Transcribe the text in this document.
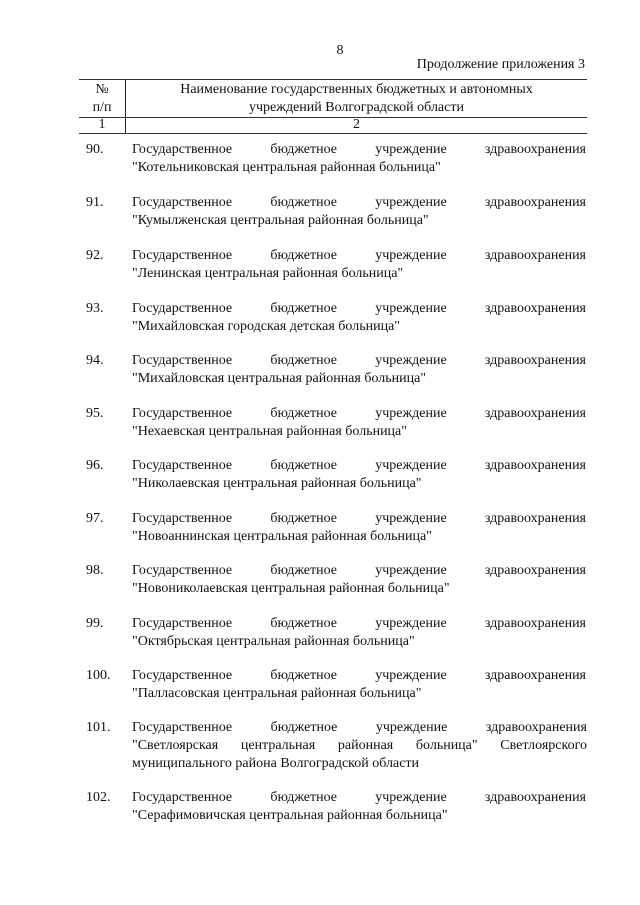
8
Продолжение приложения 3
№
п/п
Наименование государственных бюджетных и автономных
учреждений Волгоградской области
1	2
90.	Государственное	бюджетное	учреждение	здравоохранения
"Котельниковская центральная районная больница"
91.	Государственное	бюджетное	учреждение	здравоохранения
"Кумылженская центральная районная больница"
92.	Государственное	бюджетное	учреждение	здравоохранения
"Ленинская центральная районная больница"
93.	Государственное	бюджетное	учреждение	здравоохранения
"Михайловская городская детская больница"
94.	Государственное	бюджетное	учреждение	здравоохранения
"Михайловская центральная районная больница"
95.	Государственное	бюджетное	учреждение	здравоохранения
"Нехаевская центральная районная больница"
96.	Государственное	бюджетное	учреждение	здравоохранения
"Николаевская центральная районная больница"
97.	Государственное	бюджетное	учреждение	здравоохранения
"Новоаннинская центральная районная больница"
98.	Государственное	бюджетное	учреждение	здравоохранения
"Новониколаевская центральная районная больница"
99.	Государственное	бюджетное	учреждение	здравоохранения
"Октябрьская центральная районная больница"
100.	Государственное	бюджетное	учреждение	здравоохранения
"Палласовская центральная районная больница"
101.	Государственное	бюджетное	учреждение	здравоохранения
"Светлоярская центральная районная больница" Светлоярского муниципального района Волгоградской области
102.	Государственное	бюджетное	учреждение	здравоохранения
"Серафимовичская центральная районная больница"
